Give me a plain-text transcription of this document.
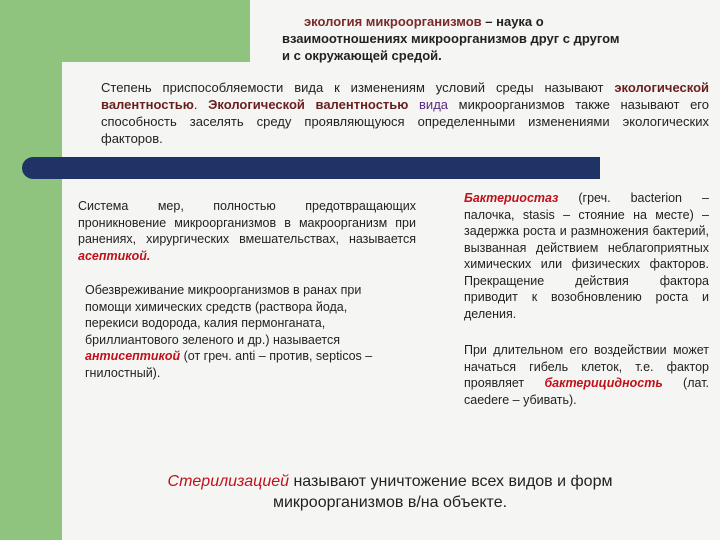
экология микроорганизмов – наука о взаимоотношениях микроорганизмов друг с другом и с окружающей средой.
Степень приспособляемости вида к изменениям условий среды называют экологической валентностью. Экологической валентностью вида микроорганизмов также называют его способность заселять среду проявляющуюся определенными изменениями экологических факторов.
Система мер, полностью предотвращающих проникновение микроорганизмов в макроорганизм при ранениях, хирургических вмешательствах, называется асептикой.
Обезвреживание микроорганизмов в ранах при помощи химических средств (раствора йода, перекиси водорода, калия пермонганата, бриллиантового зеленого и др.) называется антисептикой (от греч. anti – против, septicos – гнилостный).
Бактериостаз (греч. bacterion – палочка, stasis – стояние на месте) – задержка роста и размножения бактерий, вызванная действием неблагоприятных химических или физических факторов. Прекращение действия фактора приводит к возобновлению роста и деления.
При длительном его воздействии может начаться гибель клеток, т.е. фактор проявляет бактерицидность (лат. caedere – убивать).
Стерилизацией называют уничтожение всех видов и форм микроорганизмов в/на объекте.
